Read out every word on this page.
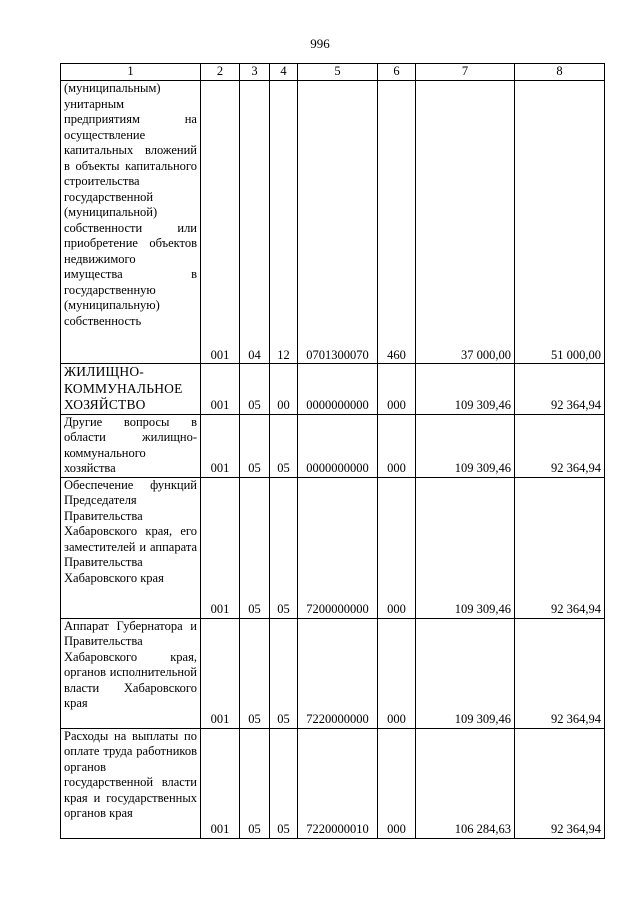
996
1	2	3	4	5	6	7	8
(муниципальным) унитарным предприятиям на осуществление капитальных вложений в объекты капитального строительства государственной (муниципальной) собственности или приобретение объектов недвижимого имущества в государственную (муниципальную) собственность	001	04	12	0701300070	460	37 000,00	51 000,00
ЖИЛИЩНО-КОММУНАЛЬНОЕ ХОЗЯЙСТВО	001	05	00	0000000000	000	109 309,46	92 364,94
Другие вопросы в области жилищно-коммунального хозяйства	001	05	05	0000000000	000	109 309,46	92 364,94
Обеспечение функций Председателя Правительства Хабаровского края, его заместителей и аппарата Правительства Хабаровского края	001	05	05	7200000000	000	109 309,46	92 364,94
Аппарат Губернатора и Правительства Хабаровского края, органов исполнительной власти Хабаровского края	001	05	05	7220000000	000	109 309,46	92 364,94
Расходы на выплаты по оплате труда работников органов государственной власти края и государственных органов края	001	05	05	7220000010	000	106 284,63	92 364,94
